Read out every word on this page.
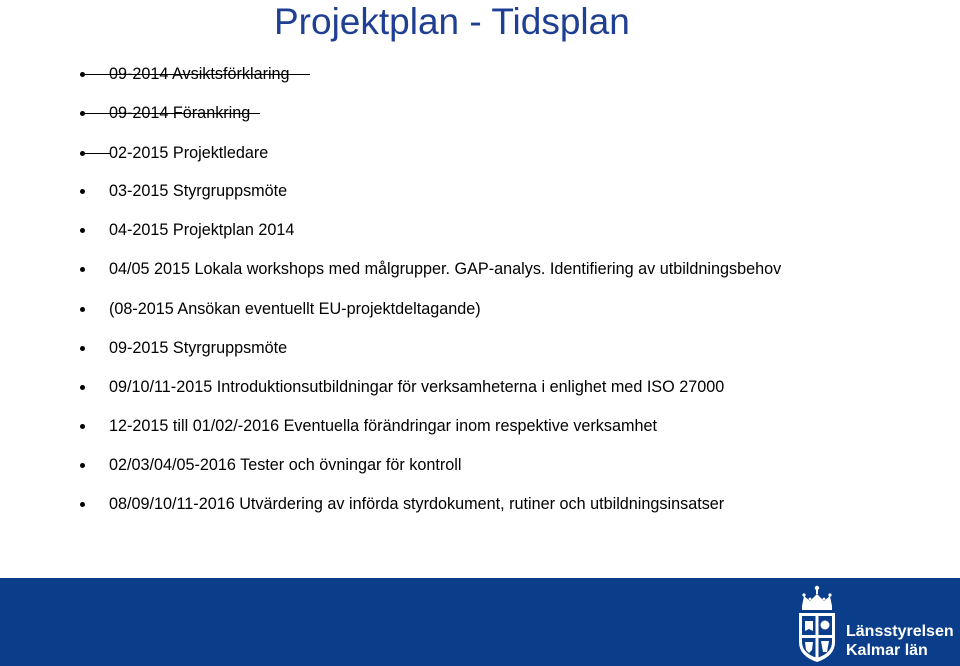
Projektplan - Tidsplan
09-2014 Avsiktsförklaring
09-2014 Förankring
02-2015 Projektledare
03-2015 Styrgruppsmöte
04-2015 Projektplan 2014
04/05 2015 Lokala workshops med målgrupper. GAP-analys. Identifiering av utbildningsbehov
(08-2015 Ansökan eventuellt EU-projektdeltagande)
09-2015 Styrgruppsmöte
09/10/11-2015 Introduktionsutbildningar för verksamheterna i enlighet med ISO 27000
12-2015 till 01/02/-2016 Eventuella förändringar inom respektive verksamhet
02/03/04/05-2016 Tester och övningar för kontroll
08/09/10/11-2016 Utvärdering av införda styrdokument, rutiner och utbildningsinsatser
Länsstyrelsen
Kalmar län
